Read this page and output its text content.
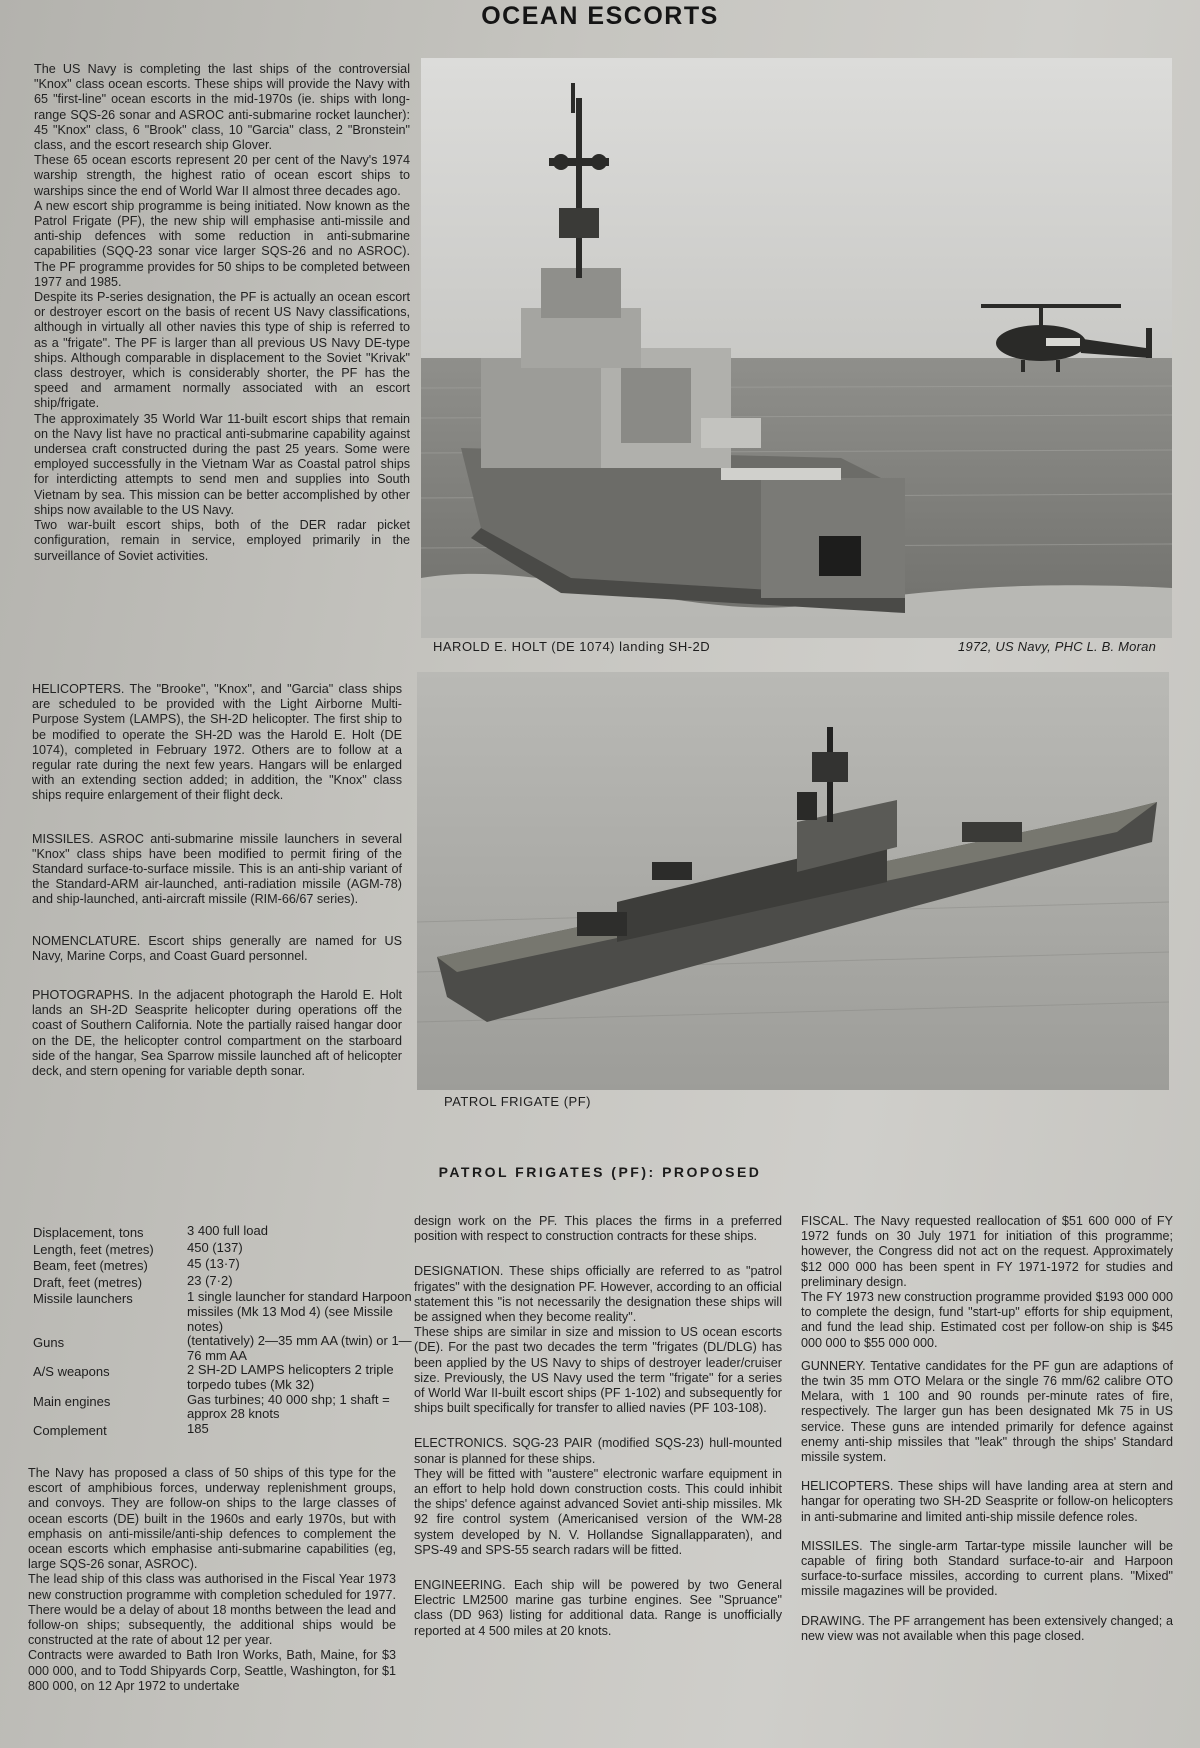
OCEAN ESCORTS

The US Navy is completing the last ships of the controversial "Knox" class ocean escorts. These ships will provide the Navy with 65 "first-line" ocean escorts in the mid-1970s (ie. ships with long-range SQS-26 sonar and ASROC anti-submarine rocket launcher): 45 "Knox" class, 6 "Brook" class, 10 "Garcia" class, 2 "Bronstein" class, and the escort research ship Glover.

These 65 ocean escorts represent 20 per cent of the Navy's 1974 warship strength, the highest ratio of ocean escort ships to warships since the end of World War II almost three decades ago.

A new escort ship programme is being initiated. Now known as the Patrol Frigate (PF), the new ship will emphasise anti-missile and anti-ship defences with some reduction in anti-submarine capabilities (SQQ-23 sonar vice larger SQS-26 and no ASROC). The PF programme provides for 50 ships to be completed between 1977 and 1985.

Despite its P-series designation, the PF is actually an ocean escort or destroyer escort on the basis of recent US Navy classifications, although in virtually all other navies this type of ship is referred to as a "frigate". The PF is larger than all previous US Navy DE-type ships. Although comparable in displacement to the Soviet "Krivak" class destroyer, which is considerably shorter, the PF has the speed and armament normally associated with an escort ship/frigate.

The approximately 35 World War 11-built escort ships that remain on the Navy list have no practical anti-submarine capability against undersea craft constructed during the past 25 years. Some were employed successfully in the Vietnam War as Coastal patrol ships for interdicting attempts to send men and supplies into South Vietnam by sea. This mission can be better accomplished by other ships now available to the US Navy.

Two war-built escort ships, both of the DER radar picket configuration, remain in service, employed primarily in the surveillance of Soviet activities.

HAROLD E. HOLT (DE 1074) landing SH-2D	1972, US Navy, PHC L. B. Moran

HELICOPTERS. The "Brooke", "Knox", and "Garcia" class ships are scheduled to be provided with the Light Airborne Multi-Purpose System (LAMPS), the SH-2D helicopter. The first ship to be modified to operate the SH-2D was the Harold E. Holt (DE 1074), completed in February 1972. Others are to follow at a regular rate during the next few years. Hangars will be enlarged with an extending section added; in addition, the "Knox" class ships require enlargement of their flight deck.

MISSILES. ASROC anti-submarine missile launchers in several "Knox" class ships have been modified to permit firing of the Standard surface-to-surface missile. This is an anti-ship variant of the Standard-ARM air-launched, anti-radiation missile (AGM-78) and ship-launched, anti-aircraft missile (RIM-66/67 series).

NOMENCLATURE. Escort ships generally are named for US Navy, Marine Corps, and Coast Guard personnel.

PHOTOGRAPHS. In the adjacent photograph the Harold E. Holt lands an SH-2D Seasprite helicopter during operations off the coast of Southern California. Note the partially raised hangar door on the DE, the helicopter control compartment on the starboard side of the hangar, Sea Sparrow missile launched aft of helicopter deck, and stern opening for variable depth sonar.

PATROL FRIGATE (PF)
PATROL FRIGATES (PF): PROPOSED
Displacement, tons	3 400 full load
Length, feet (metres)	450 (137)
Beam, feet (metres)	45 (13·7)
Draft, feet (metres)	23 (7·2)
Missile launchers	1 single launcher for standard Harpoon missiles (Mk 13 Mod 4) (see Missile notes)
Guns	(tentatively) 2—35 mm AA (twin) or 1—76 mm AA
A/S weapons	2 SH-2D LAMPS helicopters 2 triple torpedo tubes (Mk 32)
Main engines	Gas turbines; 40 000 shp; 1 shaft = approx 28 knots
Complement	185

The Navy has proposed a class of 50 ships of this type for the escort of amphibious forces, underway replenishment groups, and convoys. They are follow-on ships to the large classes of ocean escorts (DE) built in the 1960s and early 1970s, but with emphasis on anti-missile/anti-ship defences to complement the ocean escorts which emphasise anti-submarine capabilities (eg, large SQS-26 sonar, ASROC).

The lead ship of this class was authorised in the Fiscal Year 1973 new construction programme with completion scheduled for 1977. There would be a delay of about 18 months between the lead and follow-on ships; subsequently, the additional ships would be constructed at the rate of about 12 per year.

Contracts were awarded to Bath Iron Works, Bath, Maine, for $3 000 000, and to Todd Shipyards Corp, Seattle, Washington, for $1 800 000, on 12 Apr 1972 to undertake

design work on the PF. This places the firms in a preferred position with respect to construction contracts for these ships.

DESIGNATION. These ships officially are referred to as "patrol frigates" with the designation PF. However, according to an official statement this "is not necessarily the designation these ships will be assigned when they become reality".

These ships are similar in size and mission to US ocean escorts (DE). For the past two decades the term "frigates (DL/DLG) has been applied by the US Navy to ships of destroyer leader/cruiser size. Previously, the US Navy used the term "frigate" for a series of World War II-built escort ships (PF 1-102) and subsequently for ships built specifically for transfer to allied navies (PF 103-108).

ELECTRONICS. SQG-23 PAIR (modified SQS-23) hull-mounted sonar is planned for these ships.

They will be fitted with "austere" electronic warfare equipment in an effort to help hold down construction costs. This could inhibit the ships' defence against advanced Soviet anti-ship missiles. Mk 92 fire control system (Americanised version of the WM-28 system developed by N. V. Hollandse Signallapparaten), and SPS-49 and SPS-55 search radars will be fitted.

ENGINEERING. Each ship will be powered by two General Electric LM2500 marine gas turbine engines. See "Spruance" class (DD 963) listing for additional data. Range is unofficially reported at 4 500 miles at 20 knots.

FISCAL. The Navy requested reallocation of $51 600 000 of FY 1972 funds on 30 July 1971 for initiation of this programme; however, the Congress did not act on the request. Approximately $12 000 000 has been spent in FY 1971-1972 for studies and preliminary design.

The FY 1973 new construction programme provided $193 000 000 to complete the design, fund "start-up" efforts for ship equipment, and fund the lead ship. Estimated cost per follow-on ship is $45 000 000 to $55 000 000.

GUNNERY. Tentative candidates for the PF gun are adaptions of the twin 35 mm OTO Melara or the single 76 mm/62 calibre OTO Melara, with 1 100 and 90 rounds per-minute rates of fire, respectively. The larger gun has been designated Mk 75 in US service. These guns are intended primarily for defence against enemy anti-ship missiles that "leak" through the ships' Standard missile system.

HELICOPTERS. These ships will have landing area at stern and hangar for operating two SH-2D Seasprite or follow-on helicopters in anti-submarine and limited anti-ship missile defence roles.

MISSILES. The single-arm Tartar-type missile launcher will be capable of firing both Standard surface-to-air and Harpoon surface-to-surface missiles, according to current plans. "Mixed" missile magazines will be provided.

DRAWING. The PF arrangement has been extensively changed; a new view was not available when this page closed.
